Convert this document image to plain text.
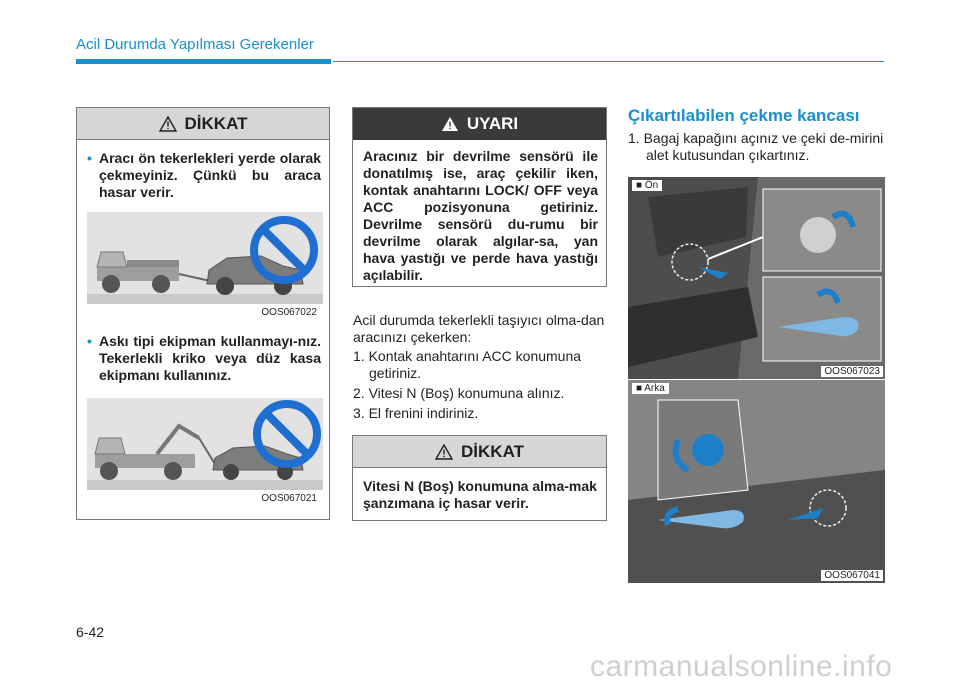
Acil Durumda Yapılması Gerekenler
DİKKAT
• Aracı ön tekerlekleri yerde olarak çekmeyiniz. Çünkü bu araca hasar verir.
OOS067022
• Askı tipi ekipman kullanmayı-nız. Tekerlekli kriko veya düz kasa ekipmanı kullanınız.
OOS067021
UYARI
Aracınız bir devrilme sensörü ile donatılmış ise, araç çekilir iken, kontak anahtarını LOCK/ OFF veya ACC pozisyonuna getiriniz. Devrilme sensörü du-rumu bir devrilme olarak algılar-sa, yan hava yastığı ve perde hava yastığı açılabilir.
Acil durumda tekerlekli taşıyıcı olma-dan aracınızı çekerken:
1. Kontak anahtarını ACC konumuna getiriniz.
2. Vitesi N (Boş) konumuna alınız.
3. El frenini indiriniz.
DİKKAT
Vitesi N (Boş) konumuna alma-mak şanzımana iç hasar verir.
Çıkartılabilen çekme kancası
1. Bagaj kapağını açınız ve çeki de-mirini alet kutusundan çıkartınız.
■ Ön
OOS067023
■ Arka
OOS067041
6-42
carmanualsonline.info
